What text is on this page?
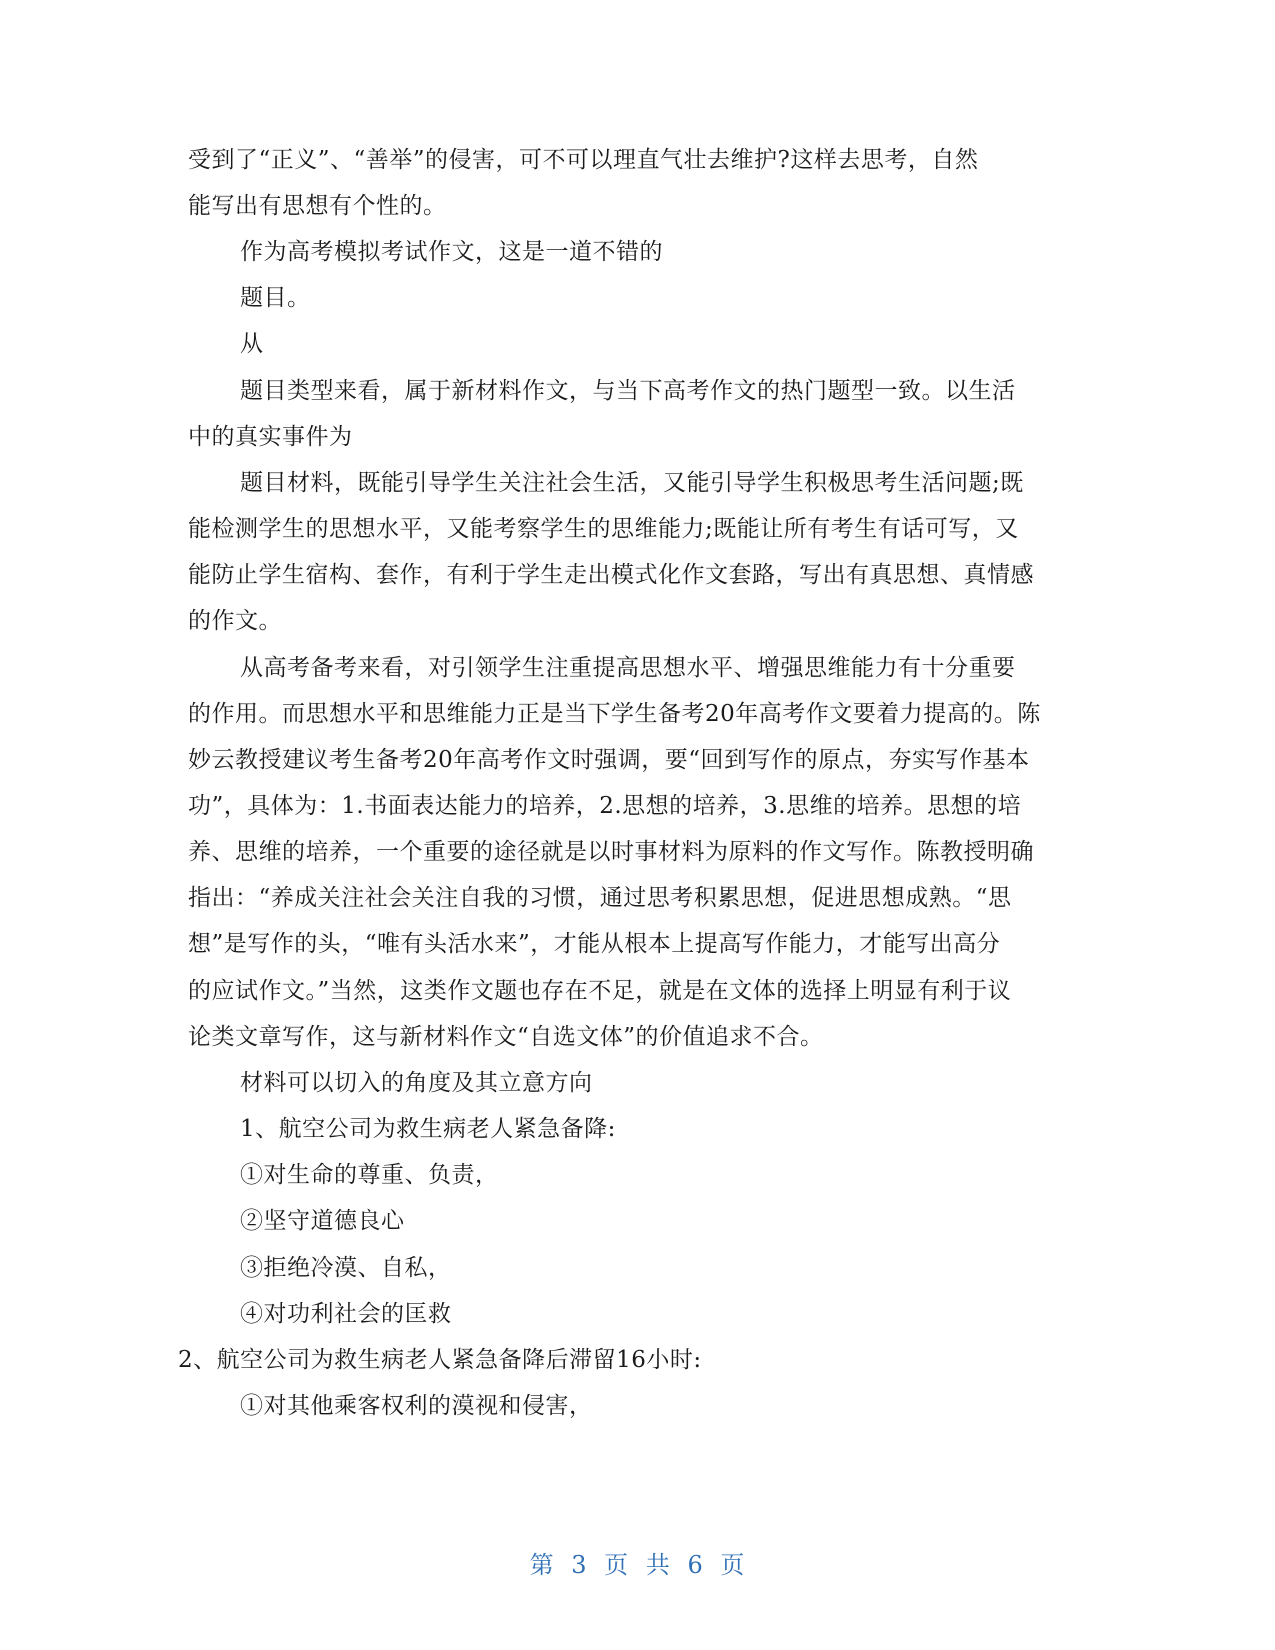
受到了“正义”、“善举”的侵害，可不可以理直气壮去维护?这样去思考，自然
能写出有思想有个性的。
作为高考模拟考试作文，这是一道不错的
题目。
从
题目类型来看，属于新材料作文，与当下高考作文的热门题型一致。以生活
中的真实事件为
题目材料，既能引导学生关注社会生活，又能引导学生积极思考生活问题;既
能检测学生的思想水平，又能考察学生的思维能力;既能让所有考生有话可写，又
能防止学生宿构、套作，有利于学生走出模式化作文套路，写出有真思想、真情感
的作文。
从高考备考来看，对引领学生注重提高思想水平、增强思维能力有十分重要
的作用。而思想水平和思维能力正是当下学生备考20年高考作文要着力提高的。陈
妙云教授建议考生备考20年高考作文时强调，要“回到写作的原点，夯实写作基本
功”，具体为：1.书面表达能力的培养，2.思想的培养，3.思维的培养。思想的培
养、思维的培养，一个重要的途径就是以时事材料为原料的作文写作。陈教授明确
指出：“养成关注社会关注自我的习惯，通过思考积累思想，促进思想成熟。“思
想”是写作的头，“唯有头活水来”，才能从根本上提高写作能力，才能写出高分
的应试作文。”当然，这类作文题也存在不足，就是在文体的选择上明显有利于议
论类文章写作，这与新材料作文“自选文体”的价值追求不合。
材料可以切入的角度及其立意方向
1、航空公司为救生病老人紧急备降:
①对生命的尊重、负责，
②坚守道德良心
③拒绝冷漠、自私，
④对功利社会的匡救
2、航空公司为救生病老人紧急备降后滞留16小时:
①对其他乘客权利的漠视和侵害，
第 3 页 共 6 页
